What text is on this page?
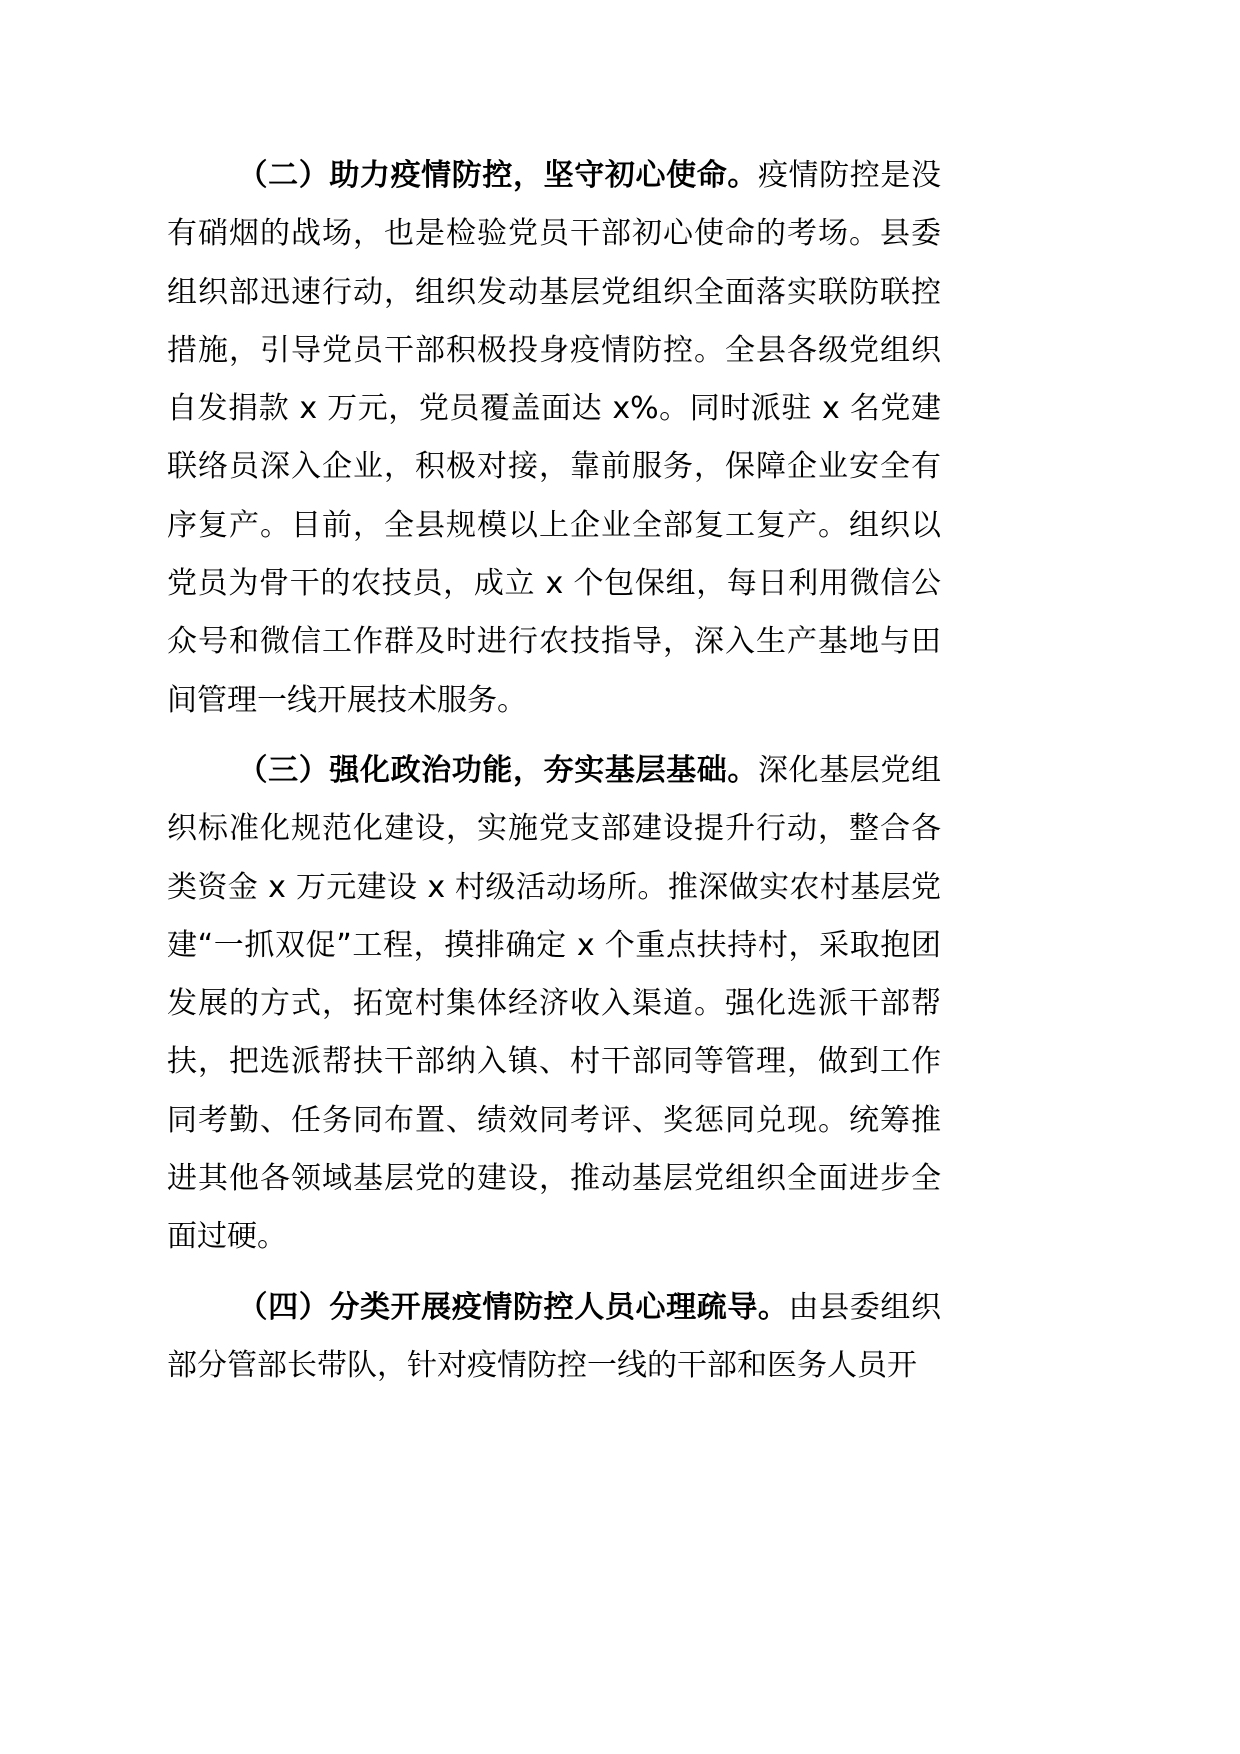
（二）助力疫情防控，坚守初心使命。疫情防控是没有硝烟的战场，也是检验党员干部初心使命的考场。县委组织部迅速行动，组织发动基层党组织全面落实联防联控措施，引导党员干部积极投身疫情防控。全县各级党组织自发捐款 x 万元，党员覆盖面达 x%。同时派驻 x 名党建联络员深入企业，积极对接，靠前服务，保障企业安全有序复产。目前，全县规模以上企业全部复工复产。组织以党员为骨干的农技员，成立 x 个包保组，每日利用微信公众号和微信工作群及时进行农技指导，深入生产基地与田间管理一线开展技术服务。

（三）强化政治功能，夯实基层基础。深化基层党组织标准化规范化建设，实施党支部建设提升行动，整合各类资金 x 万元建设 x 村级活动场所。推深做实农村基层党建“一抓双促”工程，摸排确定 x 个重点扶持村，采取抱团发展的方式，拓宽村集体经济收入渠道。强化选派干部帮扶，把选派帮扶干部纳入镇、村干部同等管理，做到工作同考勤、任务同布置、绩效同考评、奖惩同兑现。统筹推进其他各领域基层党的建设，推动基层党组织全面进步全面过硬。

（四）分类开展疫情防控人员心理疏导。由县委组织部分管部长带队，针对疫情防控一线的干部和医务人员开
